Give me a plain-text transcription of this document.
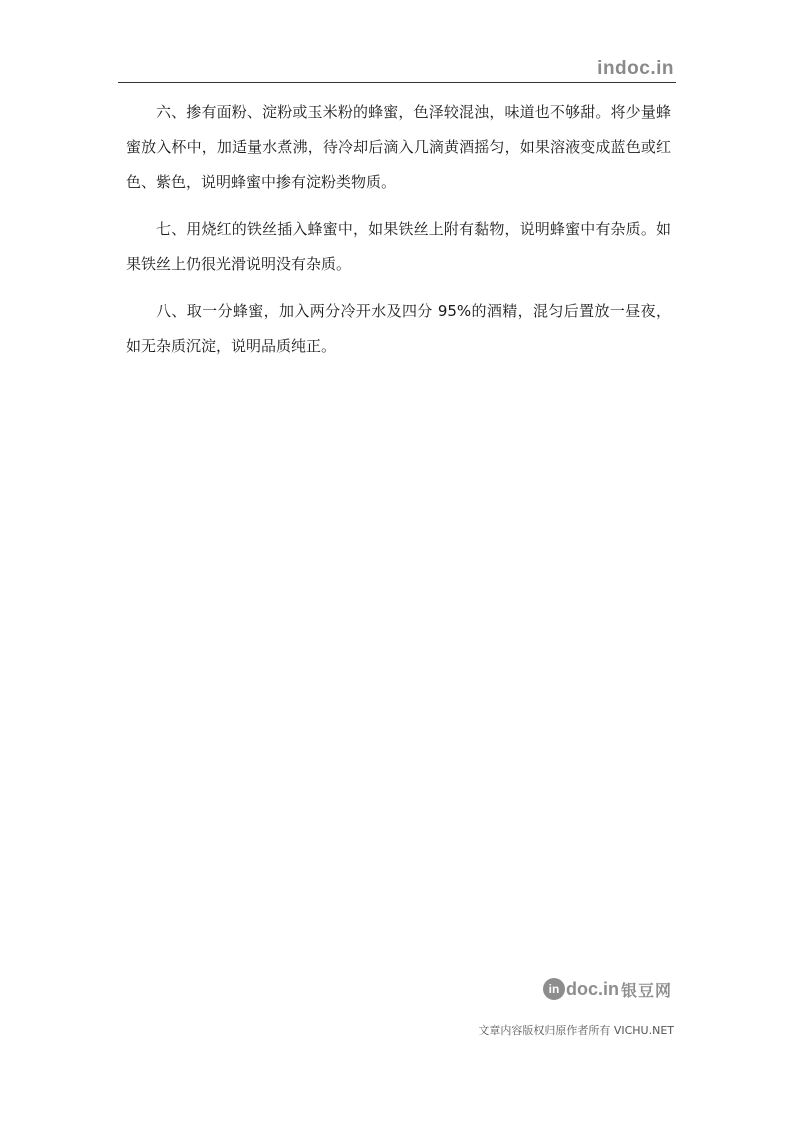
indoc.in

六、掺有面粉、淀粉或玉米粉的蜂蜜，色泽较混浊，味道也不够甜。将少量蜂蜜放入杯中，加适量水煮沸，待冷却后滴入几滴黄酒摇匀，如果溶液变成蓝色或红色、紫色，说明蜂蜜中掺有淀粉类物质。

七、用烧红的铁丝插入蜂蜜中，如果铁丝上附有黏物，说明蜂蜜中有杂质。如果铁丝上仍很光滑说明没有杂质。

八、取一分蜂蜜，加入两分冷开水及四分 95%的酒精，混匀后置放一昼夜，如无杂质沉淀，说明品质纯正。

in doc.in 银豆网
文章内容版权归原作者所有 VICHU.NET
